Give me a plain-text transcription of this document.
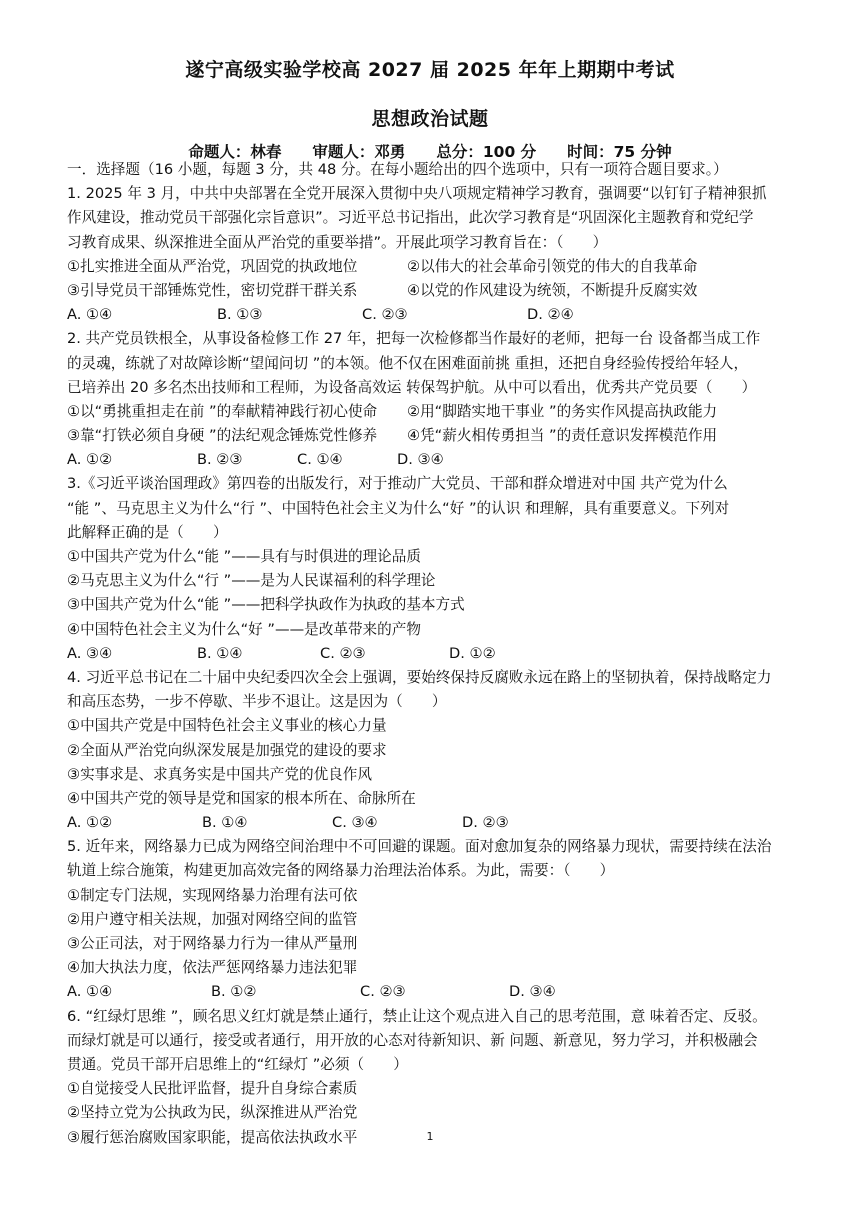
遂宁高级实验学校高 2027 届 2025 年年上期期中考试
思想政治试题
命题人：林春　　审题人：邓勇　　总分：100 分　　时间：75 分钟
一．选择题（16 小题，每题 3 分，共 48 分。在每小题给出的四个选项中，只有一项符合题目要求。）
1. 2025 年 3 月，中共中央部署在全党开展深入贯彻中央八项规定精神学习教育，强调要“以钉钉子精神狠抓
作风建设，推动党员干部强化宗旨意识”。习近平总书记指出，此次学习教育是“巩固深化主题教育和党纪学
习教育成果、纵深推进全面从严治党的重要举措”。开展此项学习教育旨在：（　　）
①扎实推进全面从严治党，巩固党的执政地位	②以伟大的社会革命引领党的伟大的自我革命
③引导党员干部锤炼党性，密切党群干群关系	④以党的作风建设为统领，不断提升反腐实效
A. ①④	B. ①③	C. ②③	D. ②④
2. 共产党员铁根全，从事设备检修工作 27 年，把每一次检修都当作最好的老师，把每一台 设备都当成工作
的灵魂，练就了对故障诊断“望闻问切 ”的本领。他不仅在困难面前挑 重担，还把自身经验传授给年轻人，
已培养出 20 多名杰出技师和工程师，为设备高效运 转保驾护航。从中可以看出，优秀共产党员要（　　）
①以“勇挑重担走在前 ”的奉献精神践行初心使命	②用“脚踏实地干事业 ”的务实作风提高执政能力
③靠“打铁必须自身硬 ”的法纪观念锤炼党性修养	④凭“薪火相传勇担当 ”的责任意识发挥模范作用
A. ①②	B. ②③	C. ①④	D. ③④
3.《习近平谈治国理政》第四卷的出版发行，对于推动广大党员、干部和群众增进对中国 共产党为什么
“能 ”、马克思主义为什么“行 ”、中国特色社会主义为什么“好 ”的认识 和理解，具有重要意义。下列对
此解释正确的是（　　）
①中国共产党为什么“能 ”——具有与时俱进的理论品质
②马克思主义为什么“行 ”——是为人民谋福利的科学理论
③中国共产党为什么“能 ”——把科学执政作为执政的基本方式
④中国特色社会主义为什么“好 ”——是改革带来的产物
A. ③④	B. ①④	C. ②③	D. ①②
4. 习近平总书记在二十届中央纪委四次全会上强调，要始终保持反腐败永远在路上的坚韧执着，保持战略定力
和高压态势，一步不停歇、半步不退让。这是因为（　　）
①中国共产党是中国特色社会主义事业的核心力量
②全面从严治党向纵深发展是加强党的建设的要求
③实事求是、求真务实是中国共产党的优良作风
④中国共产党的领导是党和国家的根本所在、命脉所在
A. ①②	B. ①④	C. ③④	D. ②③
5. 近年来，网络暴力已成为网络空间治理中不可回避的课题。面对愈加复杂的网络暴力现状，需要持续在法治
轨道上综合施策，构建更加高效完备的网络暴力治理法治体系。为此，需要：（　　）
①制定专门法规，实现网络暴力治理有法可依
②用户遵守相关法规，加强对网络空间的监管
③公正司法，对于网络暴力行为一律从严量刑
④加大执法力度，依法严惩网络暴力违法犯罪
A. ①④	B. ①②	C. ②③	D. ③④
6. “红绿灯思维 ”，顾名思义红灯就是禁止通行，禁止让这个观点进入自己的思考范围，意 味着否定、反驳。
而绿灯就是可以通行，接受或者通行，用开放的心态对待新知识、新 问题、新意见，努力学习，并积极融会
贯通。党员干部开启思维上的“红绿灯 ”必须（　　）
①自觉接受人民批评监督，提升自身综合素质
②坚持立党为公执政为民，纵深推进从严治党
③履行惩治腐败国家职能，提高依法执政水平	1
